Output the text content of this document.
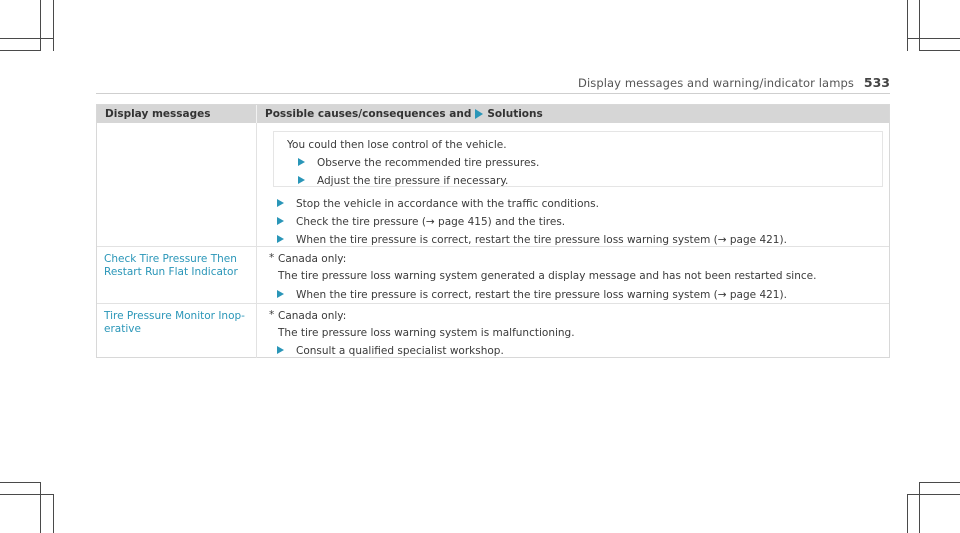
Display messages and warning/indicator lamps 533
Display messages	Possible causes/consequences and Solutions
You could then lose control of the vehicle.
Observe the recommended tire pressures.
Adjust the tire pressure if necessary.
Stop the vehicle in accordance with the traffic conditions.
Check the tire pressure (→ page 415) and the tires.
When the tire pressure is correct, restart the tire pressure loss warning system (→ page 421).
Check Tire Pressure Then
Restart Run Flat Indicator
* Canada only:
The tire pressure loss warning system generated a display message and has not been restarted since.
When the tire pressure is correct, restart the tire pressure loss warning system (→ page 421).
Tire Pressure Monitor Inop-
erative
* Canada only:
The tire pressure loss warning system is malfunctioning.
Consult a qualified specialist workshop.
